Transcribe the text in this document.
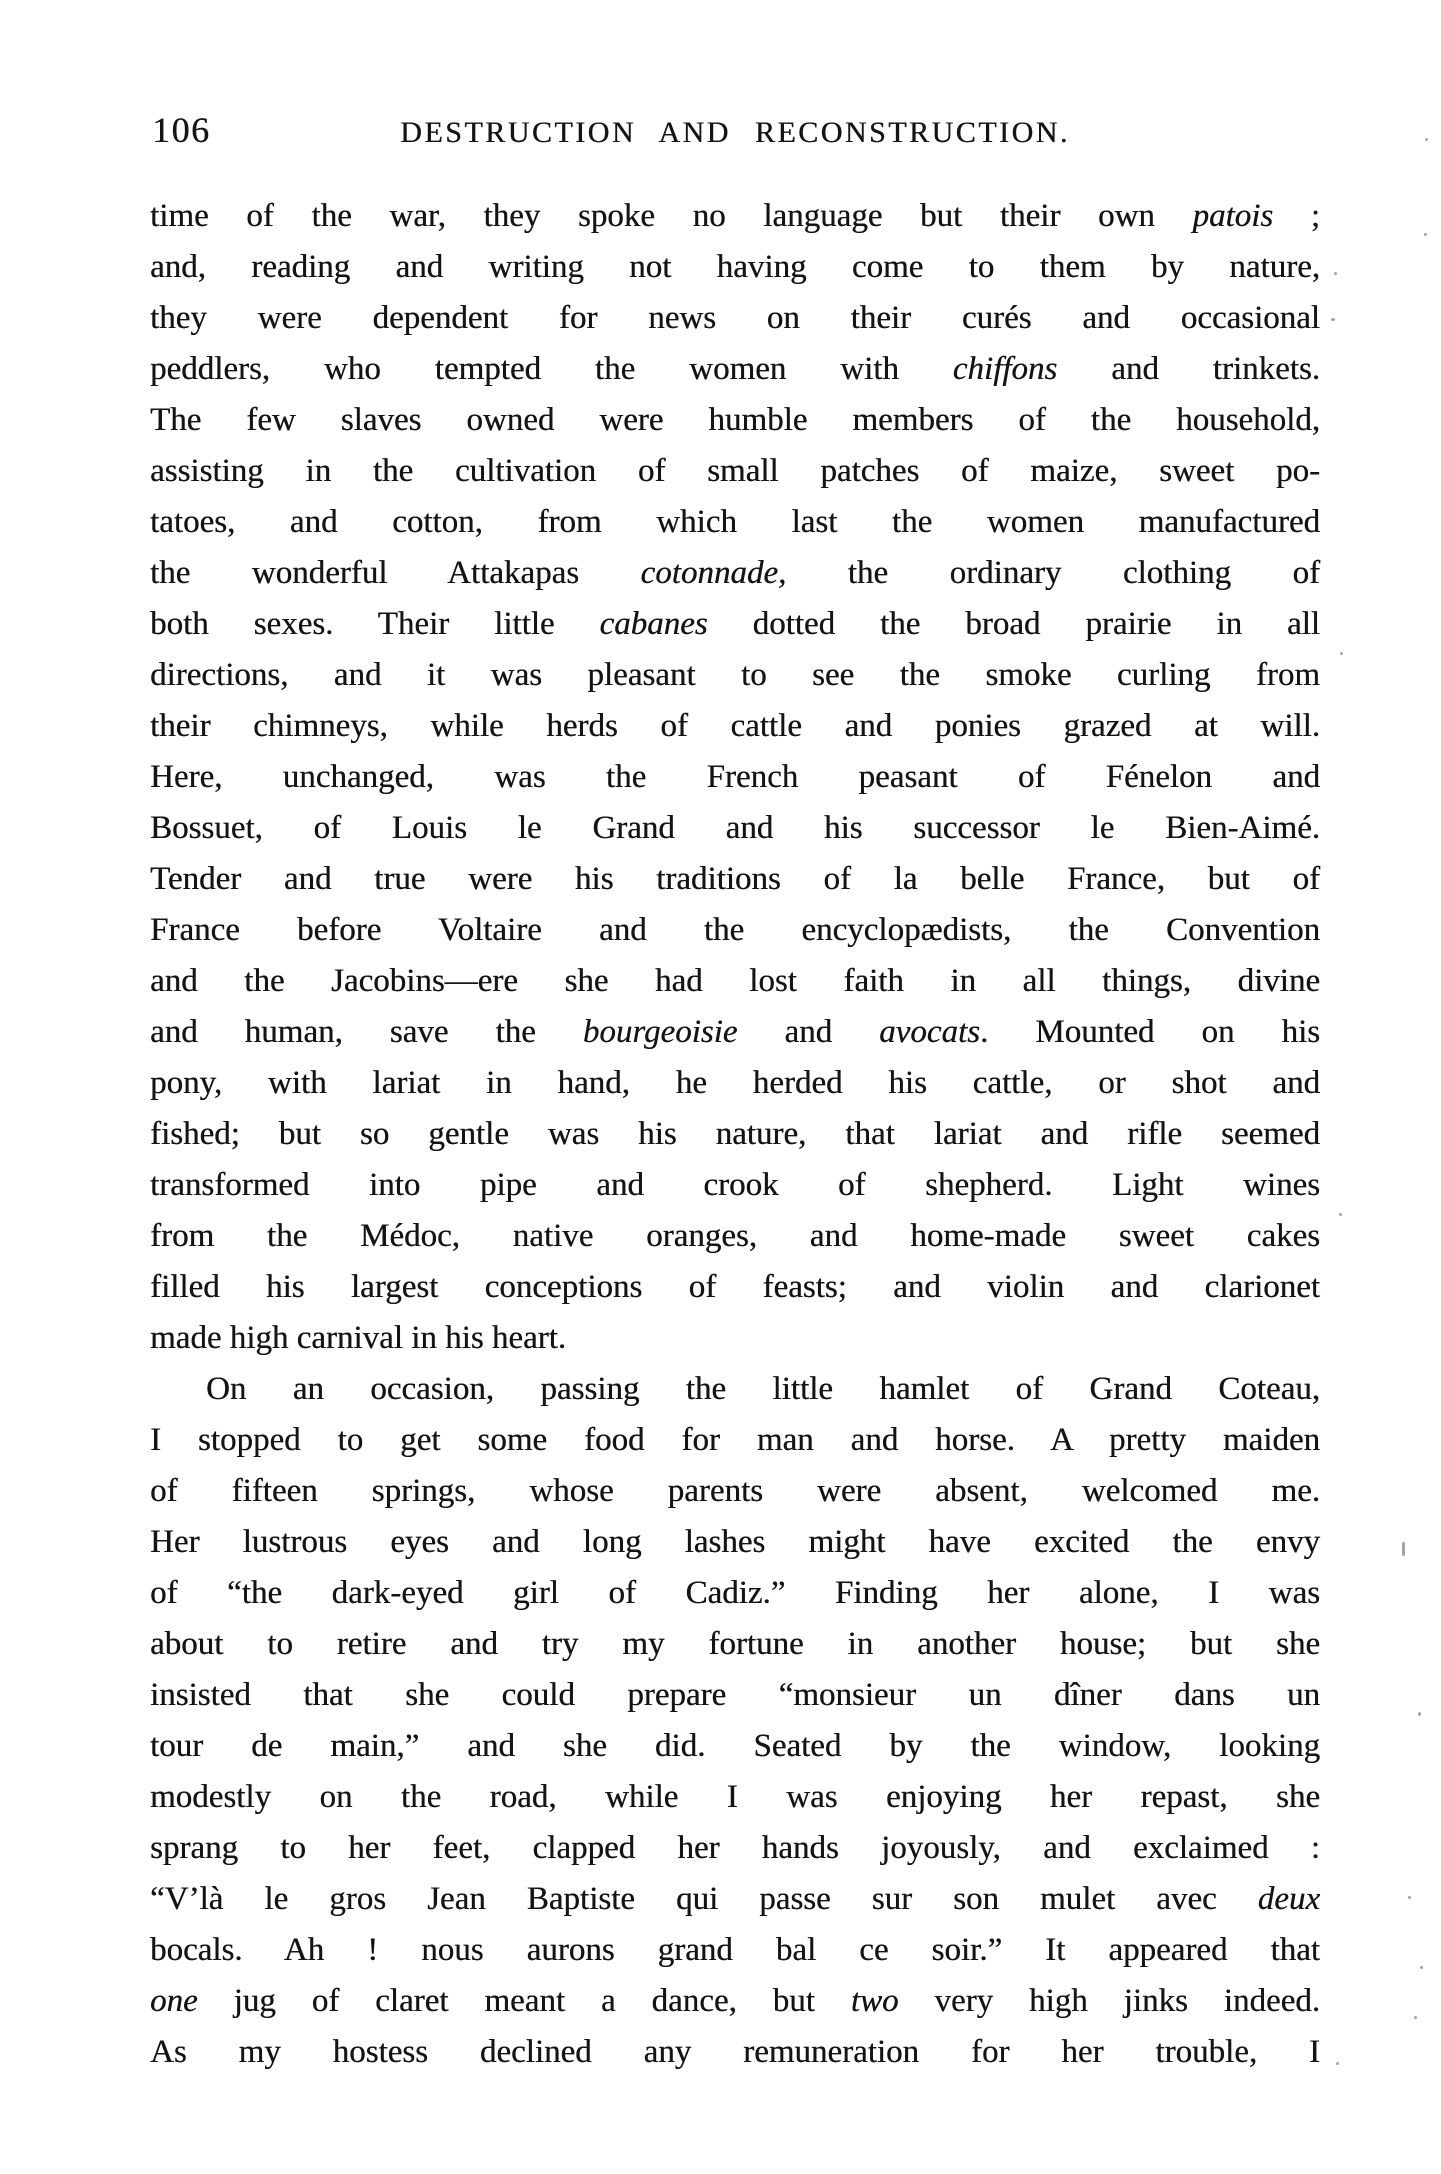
106	DESTRUCTION AND RECONSTRUCTION.
time of the war, they spoke no language but their own patois ;
and, reading and writing not having come to them by nature,
they were dependent for news on their curés and occasional
peddlers, who tempted the women with chiffons and trinkets.
The few slaves owned were humble members of the household,
assisting in the cultivation of small patches of maize, sweet po-
tatoes, and cotton, from which last the women manufactured
the wonderful Attakapas cotonnade, the ordinary clothing of
both sexes. Their little cabanes dotted the broad prairie in all
directions, and it was pleasant to see the smoke curling from
their chimneys, while herds of cattle and ponies grazed at will.
Here, unchanged, was the French peasant of Fénelon and
Bossuet, of Louis le Grand and his successor le Bien-Aimé.
Tender and true were his traditions of la belle France, but of
France before Voltaire and the encyclopædists, the Convention
and the Jacobins—ere she had lost faith in all things, divine
and human, save the bourgeoisie and avocats. Mounted on his
pony, with lariat in hand, he herded his cattle, or shot and
fished; but so gentle was his nature, that lariat and rifle seemed
transformed into pipe and crook of shepherd. Light wines
from the Médoc, native oranges, and home-made sweet cakes
filled his largest conceptions of feasts; and violin and clarionet
made high carnival in his heart.
On an occasion, passing the little hamlet of Grand Coteau,
I stopped to get some food for man and horse. A pretty maiden
of fifteen springs, whose parents were absent, welcomed me.
Her lustrous eyes and long lashes might have excited the envy
of “the dark-eyed girl of Cadiz.” Finding her alone, I was
about to retire and try my fortune in another house; but she
insisted that she could prepare “monsieur un dîner dans un
tour de main,” and she did. Seated by the window, looking
modestly on the road, while I was enjoying her repast, she
sprang to her feet, clapped her hands joyously, and exclaimed :
“V’là le gros Jean Baptiste qui passe sur son mulet avec deux
bocals. Ah ! nous aurons grand bal ce soir.” It appeared that
one jug of claret meant a dance, but two very high jinks indeed.
As my hostess declined any remuneration for her trouble, I
